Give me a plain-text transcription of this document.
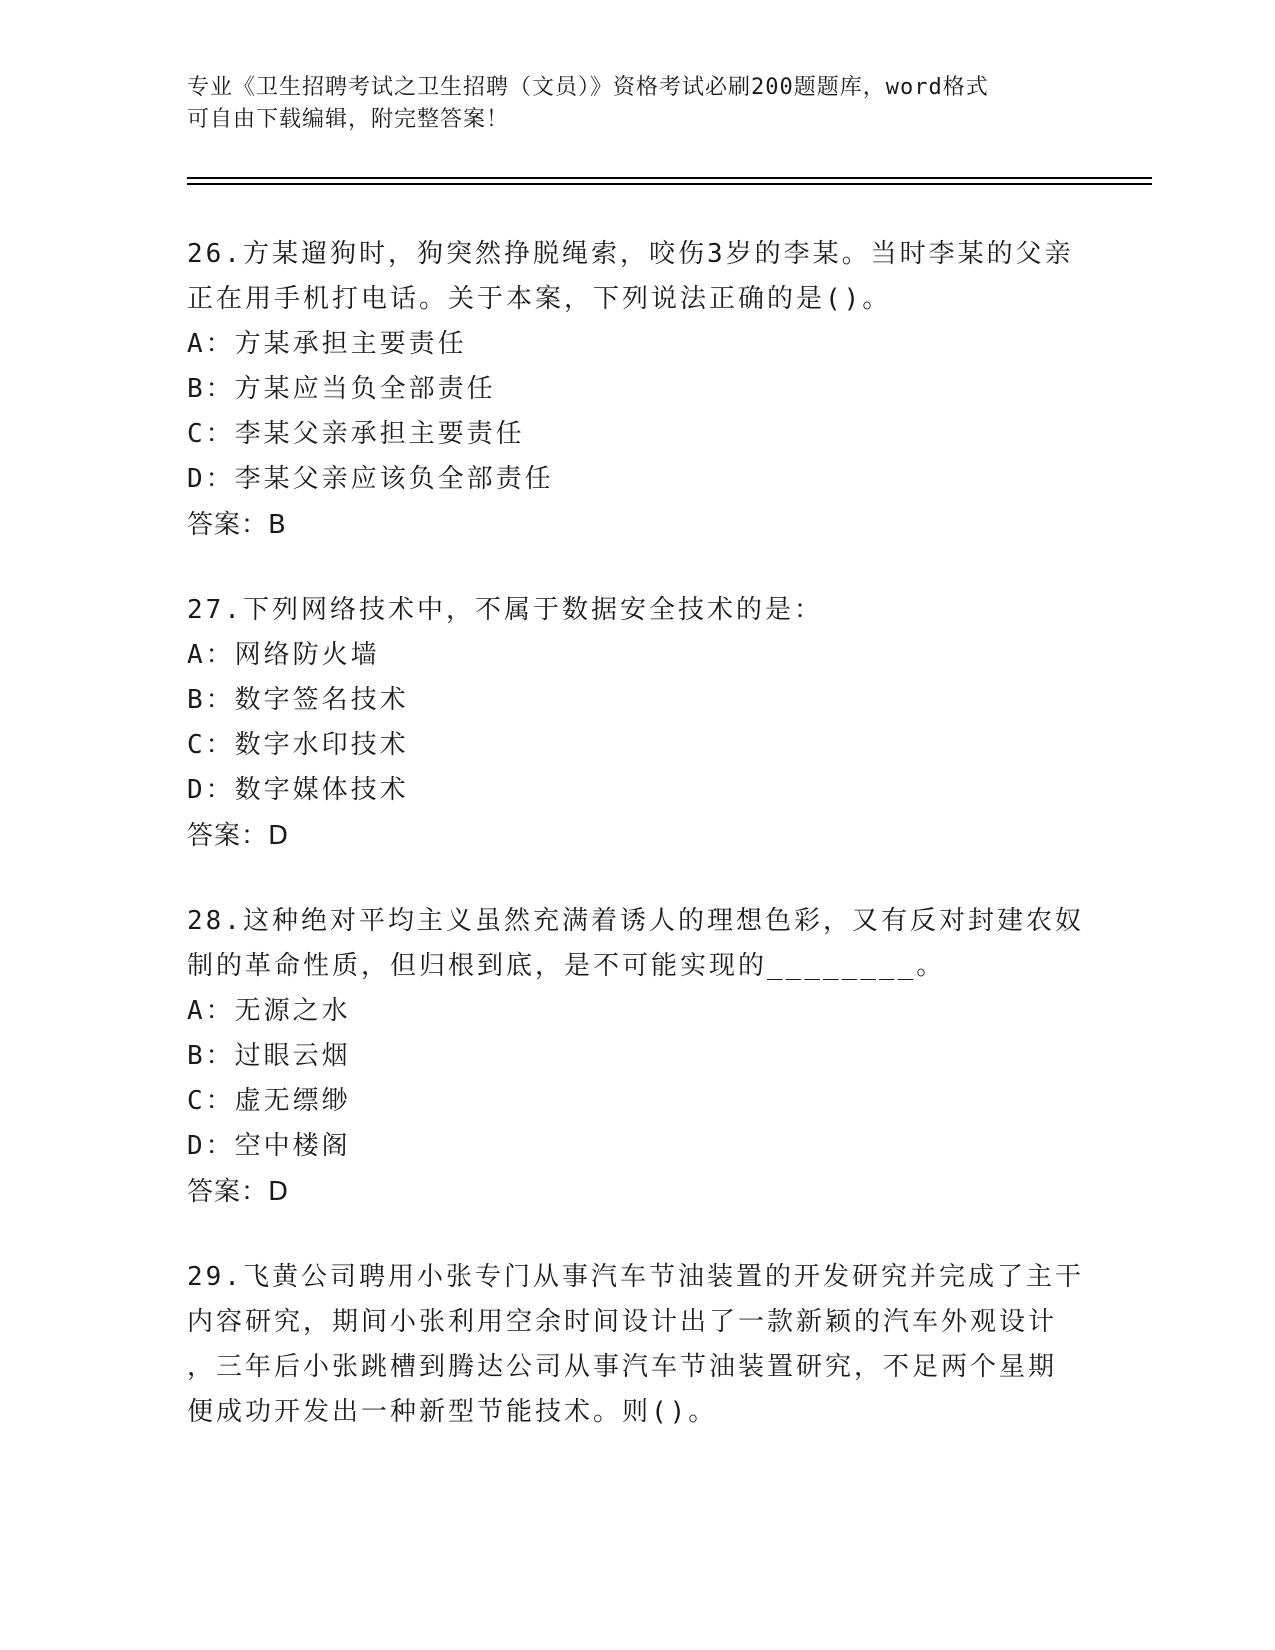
专业《卫生招聘考试之卫生招聘（文员）》资格考试必刷200题题库，word格式
可自由下载编辑，附完整答案！
26.方某遛狗时，狗突然挣脱绳索，咬伤3岁的李某。当时李某的父亲
正在用手机打电话。关于本案，下列说法正确的是()。
A：方某承担主要责任
B：方某应当负全部责任
C：李某父亲承担主要责任
D：李某父亲应该负全部责任
答案：B
27.下列网络技术中，不属于数据安全技术的是：
A：网络防火墙
B：数字签名技术
C：数字水印技术
D：数字媒体技术
答案：D
28.这种绝对平均主义虽然充满着诱人的理想色彩，又有反对封建农奴
制的革命性质，但归根到底，是不可能实现的________。
A：无源之水
B：过眼云烟
C：虚无缥缈
D：空中楼阁
答案：D
29.飞黄公司聘用小张专门从事汽车节油装置的开发研究并完成了主干
内容研究，期间小张利用空余时间设计出了一款新颖的汽车外观设计
，三年后小张跳槽到腾达公司从事汽车节油装置研究，不足两个星期
便成功开发出一种新型节能技术。则()。
